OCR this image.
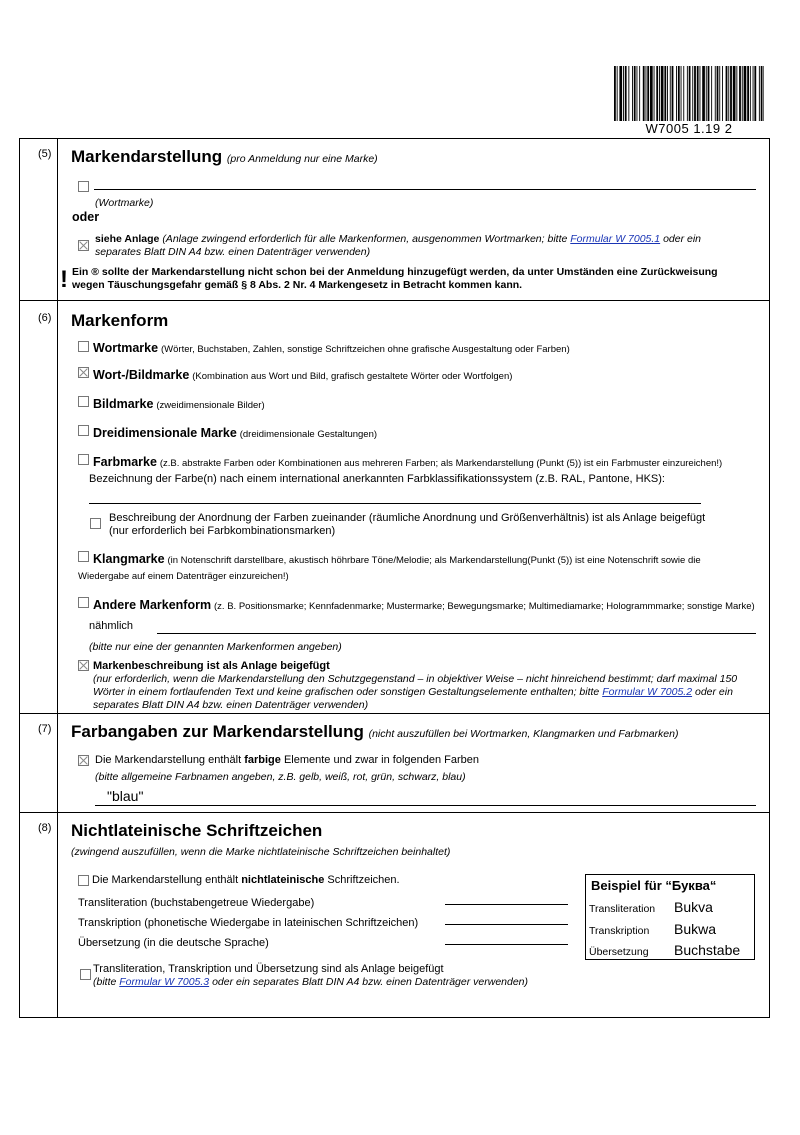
W7005 1.19 2
(5) Markendarstellung (pro Anmeldung nur eine Marke)
(Wortmarke)
oder
siehe Anlage (Anlage zwingend erforderlich für alle Markenformen, ausgenommen Wortmarken; bitte Formular W 7005.1 oder ein
separates Blatt DIN A4 bzw. einen Datenträger verwenden)
! Ein ® sollte der Markendarstellung nicht schon bei der Anmeldung hinzugefügt werden, da unter Umständen eine Zurückweisung
wegen Täuschungsgefahr gemäß § 8 Abs. 2 Nr. 4 Markengesetz in Betracht kommen kann.
(6) Markenform
Wortmarke (Wörter, Buchstaben, Zahlen, sonstige Schriftzeichen ohne grafische Ausgestaltung oder Farben)
Wort-/Bildmarke (Kombination aus Wort und Bild, grafisch gestaltete Wörter oder Wortfolgen)
Bildmarke (zweidimensionale Bilder)
Dreidimensionale Marke (dreidimensionale Gestaltungen)
Farbmarke (z.B. abstrakte Farben oder Kombinationen aus mehreren Farben; als Markendarstellung (Punkt (5)) ist ein Farbmuster einzureichen!)
Bezeichnung der Farbe(n) nach einem international anerkannten Farbklassifikationssystem (z.B. RAL, Pantone, HKS):
Beschreibung der Anordnung der Farben zueinander (räumliche Anordnung und Größenverhältnis) ist als Anlage beigefügt
(nur erforderlich bei Farbkombinationsmarken)
Klangmarke (in Notenschrift darstellbare, akustisch höhrbare Töne/Melodie; als Markendarstellung(Punkt (5)) ist eine Notenschrift sowie die
Wiedergabe auf einem Datenträger einzureichen!)
Andere Markenform (z. B. Positionsmarke; Kennfadenmarke; Mustermarke; Bewegungsmarke; Multimediamarke; Hologrammmarke; sonstige Marke)
nähmlich
(bitte nur eine der genannten Markenformen angeben)
Markenbeschreibung ist als Anlage beigefügt
(nur erforderlich, wenn die Markendarstellung den Schutzgegenstand – in objektiver Weise – nicht hinreichend bestimmt; darf maximal 150
Wörter in einem fortlaufenden Text und keine grafischen oder sonstigen Gestaltungselemente enthalten; bitte Formular W 7005.2 oder ein
separates Blatt DIN A4 bzw. einen Datenträger verwenden)
(7) Farbangaben zur Markendarstellung (nicht auszufüllen bei Wortmarken, Klangmarken und Farbmarken)
Die Markendarstellung enthält farbige Elemente und zwar in folgenden Farben
(bitte allgemeine Farbnamen angeben, z.B. gelb, weiß, rot, grün, schwarz, blau)
"blau"
(8) Nichtlateinische Schriftzeichen
(zwingend auszufüllen, wenn die Marke nichtlateinische Schriftzeichen beinhaltet)
Die Markendarstellung enthält nichtlateinische Schriftzeichen.
Transliteration (buchstabengetreue Wiedergabe)
Transkription (phonetische Wiedergabe in lateinischen Schriftzeichen)
Übersetzung (in die deutsche Sprache)
Transliteration, Transkription und Übersetzung sind als Anlage beigefügt
(bitte Formular W 7005.3 oder ein separates Blatt DIN A4 bzw. einen Datenträger verwenden)
Beispiel für “Буква“
Transliteration Bukva
Transkription Bukwa
Übersetzung Buchstabe
